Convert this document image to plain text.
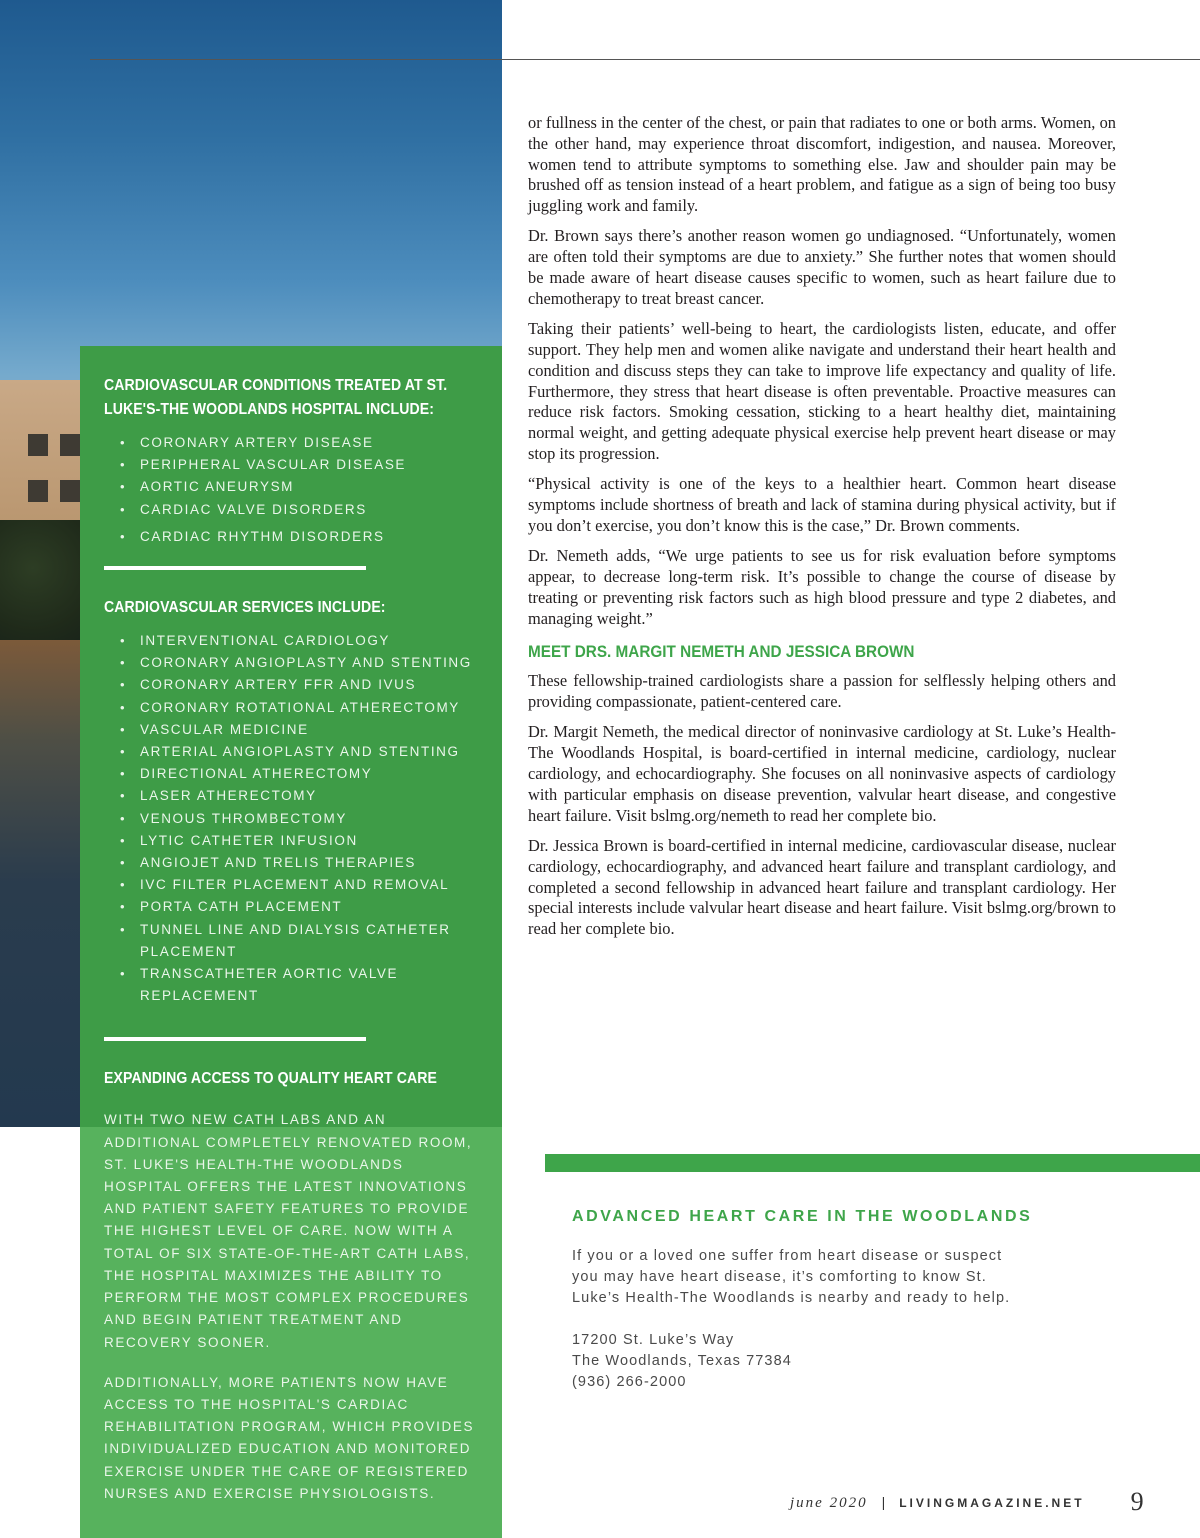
CARDIOVASCULAR CONDITIONS TREATED AT ST. LUKE'S-THE WOODLANDS HOSPITAL INCLUDE:
• CORONARY ARTERY DISEASE
• PERIPHERAL VASCULAR DISEASE
• AORTIC ANEURYSM
• CARDIAC VALVE DISORDERS
• CARDIAC RHYTHM DISORDERS
CARDIOVASCULAR SERVICES INCLUDE:
• INTERVENTIONAL CARDIOLOGY
• CORONARY ANGIOPLASTY AND STENTING
• CORONARY ARTERY FFR AND IVUS
• CORONARY ROTATIONAL ATHERECTOMY
• VASCULAR MEDICINE
• ARTERIAL ANGIOPLASTY AND STENTING
• DIRECTIONAL ATHERECTOMY
• LASER ATHERECTOMY
• VENOUS THROMBECTOMY
• LYTIC CATHETER INFUSION
• ANGIOJET AND TRELIS THERAPIES
• IVC FILTER PLACEMENT AND REMOVAL
• PORTA CATH PLACEMENT
• TUNNEL LINE AND DIALYSIS CATHETER PLACEMENT
• TRANSCATHETER AORTIC VALVE REPLACEMENT
EXPANDING ACCESS TO QUALITY HEART CARE

WITH TWO NEW CATH LABS AND AN ADDITIONAL COMPLETELY RENOVATED ROOM, ST. LUKE'S HEALTH-THE WOODLANDS HOSPITAL OFFERS THE LATEST INNOVATIONS AND PATIENT SAFETY FEATURES TO PROVIDE THE HIGHEST LEVEL OF CARE. NOW WITH A TOTAL OF SIX STATE-OF-THE-ART CATH LABS, THE HOSPITAL MAXIMIZES THE ABILITY TO PERFORM THE MOST COMPLEX PROCEDURES AND BEGIN PATIENT TREATMENT AND RECOVERY SOONER.

ADDITIONALLY, MORE PATIENTS NOW HAVE ACCESS TO THE HOSPITAL'S CARDIAC REHABILITATION PROGRAM, WHICH PROVIDES INDIVIDUALIZED EDUCATION AND MONITORED EXERCISE UNDER THE CARE OF REGISTERED NURSES AND EXERCISE PHYSIOLOGISTS.

or fullness in the center of the chest, or pain that radiates to one or both arms. Women, on the other hand, may experience throat discomfort, indigestion, and nausea. Moreover, women tend to attribute symptoms to something else. Jaw and shoulder pain may be brushed off as tension instead of a heart problem, and fatigue as a sign of being too busy juggling work and family.

Dr. Brown says there’s another reason women go undiagnosed. “Unfortunately, women are often told their symptoms are due to anxiety.” She further notes that women should be made aware of heart disease causes specific to women, such as heart failure due to chemotherapy to treat breast cancer.

Taking their patients’ well-being to heart, the cardiologists listen, educate, and offer support. They help men and women alike navigate and understand their heart health and condition and discuss steps they can take to improve life expectancy and quality of life. Furthermore, they stress that heart disease is often preventable. Proactive measures can reduce risk factors. Smoking cessation, sticking to a heart healthy diet, maintaining normal weight, and getting adequate physical exercise help prevent heart disease or may stop its progression.

“Physical activity is one of the keys to a healthier heart. Common heart disease symptoms include shortness of breath and lack of stamina during physical activity, but if you don’t exercise, you don’t know this is the case,” Dr. Brown comments.

Dr. Nemeth adds, “We urge patients to see us for risk evaluation before symptoms appear, to decrease long-term risk. It’s possible to change the course of disease by treating or preventing risk factors such as high blood pressure and type 2 diabetes, and managing weight.”

MEET DRS. MARGIT NEMETH AND JESSICA BROWN

These fellowship-trained cardiologists share a passion for selflessly helping others and providing compassionate, patient-centered care.

Dr. Margit Nemeth, the medical director of noninvasive cardiology at St. Luke’s Health-The Woodlands Hospital, is board-certified in internal medicine, cardiology, nuclear cardiology, and echocardiography. She focuses on all noninvasive aspects of cardiology with particular emphasis on disease prevention, valvular heart disease, and congestive heart failure. Visit bslmg.org/nemeth to read her complete bio.

Dr. Jessica Brown is board-certified in internal medicine, cardiovascular disease, nuclear cardiology, echocardiography, and advanced heart failure and transplant cardiology, and completed a second fellowship in advanced heart failure and transplant cardiology. Her special interests include valvular heart disease and heart failure. Visit bslmg.org/brown to read her complete bio.

ADVANCED HEART CARE IN THE WOODLANDS
If you or a loved one suffer from heart disease or suspect you may have heart disease, it’s comforting to know St. Luke’s Health-The Woodlands is nearby and ready to help.
17200 St. Luke’s Way
The Woodlands, Texas 77384
(936) 266-2000
june 2020 | LIVINGMAGAZINE.NET 9
